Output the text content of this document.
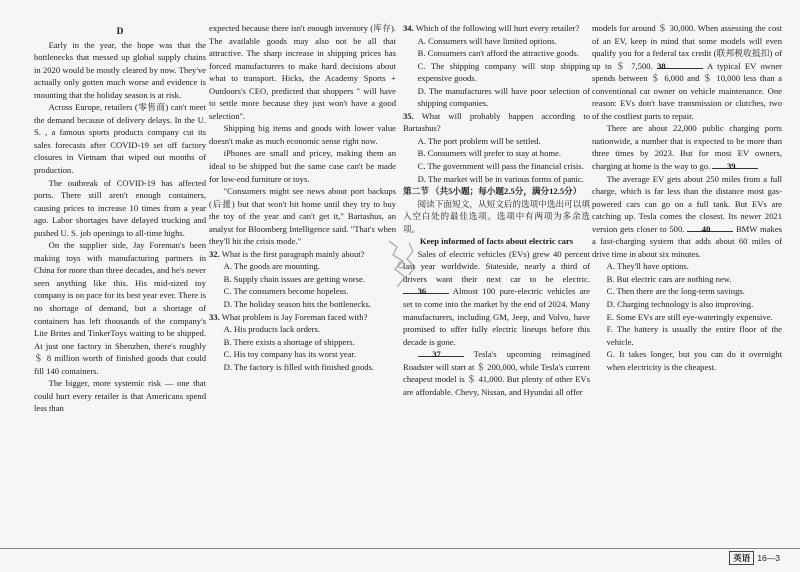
D

Early in the year, the hope was that the bottlenecks that messed up global supply chains in 2020 would be mostly cleared by now. They've actually only gotten much worse and evidence is mounting that the holiday season is at risk.

Across Europe, retailers (零售商) can't meet the demand because of delivery delays. In the U. S. , a famous sports products company cut its sales forecasts after COVID-19 set off factory closures in Vietnam that wiped out months of production.

The outbreak of COVID-19 has affected ports. There still aren't enough containers, causing prices to increase 10 times from a year ago. Labor shortages have delayed trucking and pushed U. S. job openings to all-time highs.

On the supplier side, Jay Foreman's been making toys with manufacturing partners in China for more than three decades, and he's never seen anything like this. His mid-sized toy company is on pace for its best year ever. There is no shortage of demand, but a shortage of containers has left thousands of the company's Lite Brites and TinkerToys waiting to be shipped. At just one factory in Shenzhen, there's roughly ＄ 8 million worth of finished goods that could fill 140 containers.

The bigger, more systemic risk — one that could hurt every retailer is that Americans spend less than

expected because there isn't enough inventory (库存). The available goods may also not be all that attractive. The sharp increase in shipping prices has forced manufacturers to make hard decisions about what to transport. Hicks, the Academy Sports + Outdoors's CEO, predicted that shoppers " will have to settle more because they just won't have a good selection".

Shipping big items and goods with lower value doesn't make as much economic sense right now.

iPhones are small and pricey, making them an ideal to be shipped but the same case can't be made for low-end furniture or toys.

"Consumers might see news about port backups (后援) but that won't hit home until they try to buy the toy of the year and can't get it," Bartashus, an analyst for Bloomberg Intelligence said. "That's when they'll hit the crisis mode."

32. What is the first paragraph mainly about?

A. The goods are mounting.

B. Supply chain issues are getting worse.

C. The consumers become hopeless.

D. The holiday season hits the bottlenecks.

33. What problem is Jay Foreman faced with?

A. His products lack orders.

B. There exists a shortage of shippers.

C. His toy company has its worst year.

D. The factory is filled with finished goods.

34. Which of the following will hurt every retailer?

A. Consumers will have limited options.

B. Consumers can't afford the attractive goods.

C. The shipping company will stop shipping expensive goods.

D. The manufactures will have poor selection of shipping companies.

35. What will probably happen according to Bartashus?

A. The port problem will be settled.

B. Consumers will prefer to stay at home.

C. The government will pass the financial crisis.

D. The market will be in various forms of panic.

第二节 （共5小题；每小题2.5分，满分12.5分）

阅读下面短文，从短文后的选项中选出可以填入空白处的最佳选项。选项中有两项为多余选项。

Keep informed of facts about electric cars

Sales of electric vehicles (EVs) grew 40 percent last year worldwide. Stateside, nearly a third of drivers want their next car to be electric. 36	Almost 100 pure-electric vehicles are set to come into the market by the end of 2024. Many manufacturers, including GM, Jeep, and Volvo, have promised to offer fully electric lineups before this decade is gone.

37	Tesla's upcoming reimagined Roadster will start at ＄ 200,000, while Tesla's current cheapest model is ＄ 41,000. But plenty of other EVs are affordable. Chevy, Nissan, and Hyundai all offer

models for around ＄ 30,000. When assessing the cost of an EV, keep in mind that some models will even qualify you for a federal tax credit (联邦税收抵扣) of up to ＄ 7,500. 38	A typical EV owner spends between ＄ 6,000 and ＄ 10,000 less than a conventional car owner on vehicle maintenance. One reason: EVs don't have transmission or clutches, two of the costliest parts to repair.

There are about 22,000 public charging ports nationwide, a number that is expected to be more than three times by 2023. But for most EV owners, charging at home is the way to go. 39

The average EV gets about 250 miles from a full charge, which is far less than the distance most gas-powered cars can go on a full tank. But EVs are catching up. Tesla comes the closest. Its newer 2021 version gets closer to 500. 40	BMW makes a fast-charging system that adds about 60 miles of drive time in about six minutes.

A. They'll have options.

B. But electric cars are nothing new.

C. Then there are the long-term savings.

D. Charging technology is also improving.

E. Some EVs are still eye-wateringly expensive.

F. The battery is usually the entire floor of the vehicle.

G. It takes longer, but you can do it overnight when electricity is the cheapest.

英语 16—3
